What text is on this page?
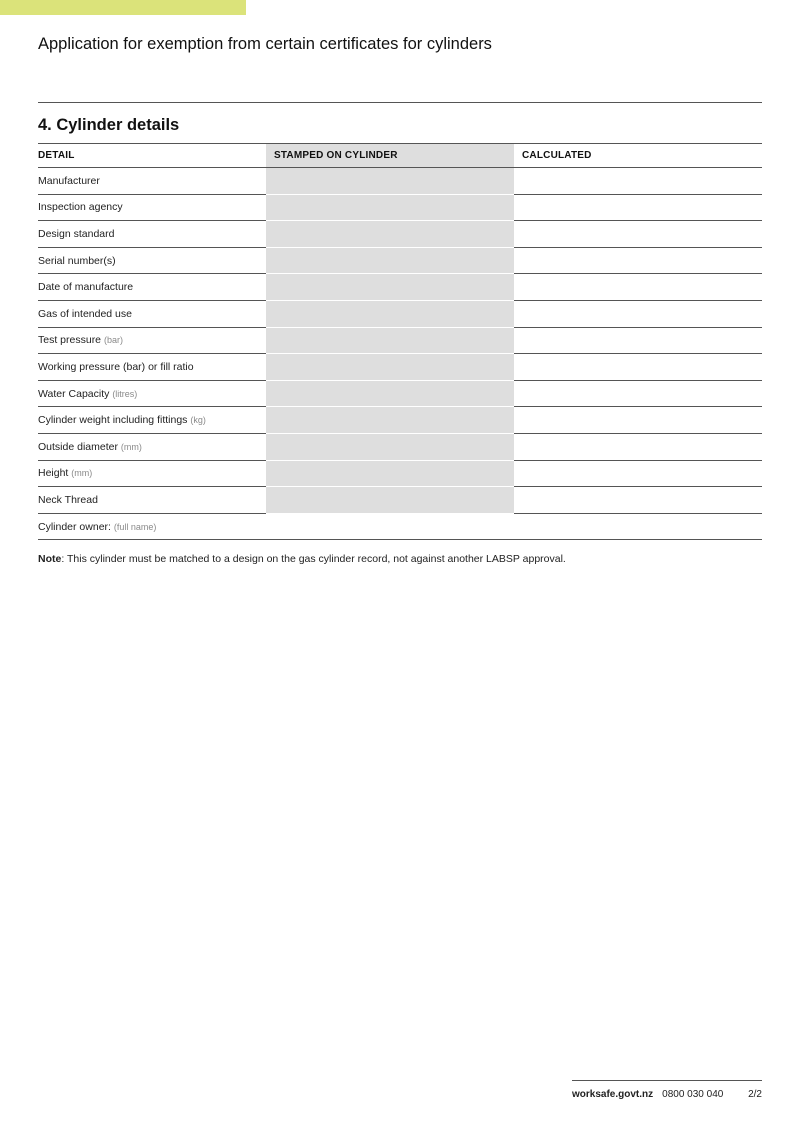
Application for exemption from certain certificates for cylinders
4. Cylinder details
DETAIL	STAMPED ON CYLINDER	CALCULATED
Manufacturer		
Inspection agency		
Design standard		
Serial number(s)		
Date of manufacture		
Gas of intended use		
Test pressure (bar)		
Working pressure (bar) or fill ratio		
Water Capacity (litres)		
Cylinder weight including fittings (kg)		
Outside diameter (mm)		
Height (mm)		
Neck Thread		
Cylinder owner: (full name)		
Note: This cylinder must be matched to a design on the gas cylinder record, not against another LABSP approval.
worksafe.govt.nz 0800 030 040 2/2
